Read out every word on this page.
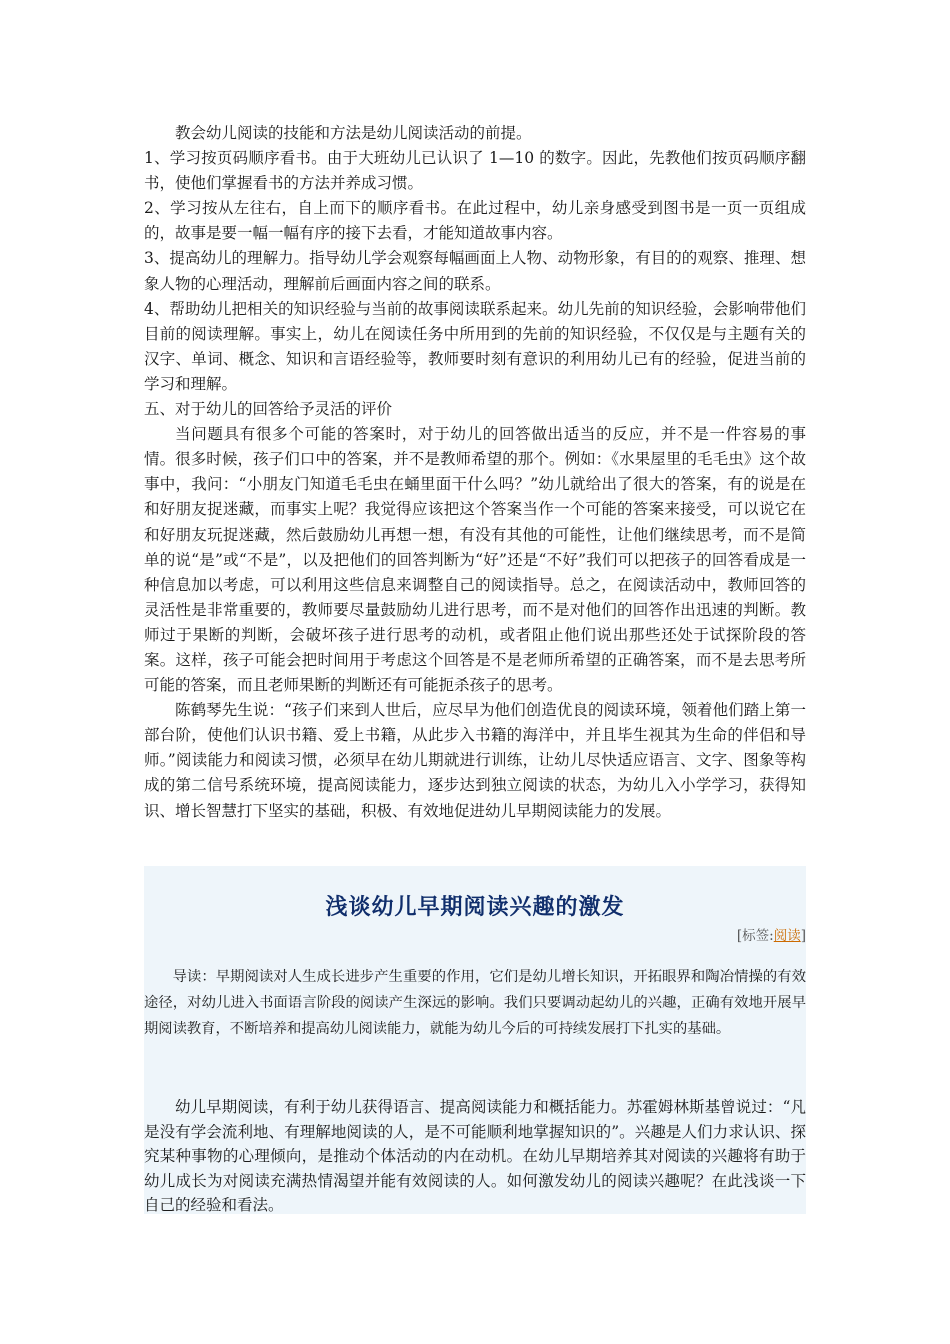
教会幼儿阅读的技能和方法是幼儿阅读活动的前提。

1、学习按页码顺序看书。由于大班幼儿已认识了 1—10 的数字。因此，先教他们按页码顺序翻书，使他们掌握看书的方法并养成习惯。

2、学习按从左往右，自上而下的顺序看书。在此过程中，幼儿亲身感受到图书是一页一页组成的，故事是要一幅一幅有序的接下去看，才能知道故事内容。

3、提高幼儿的理解力。指导幼儿学会观察每幅画面上人物、动物形象，有目的的观察、推理、想象人物的心理活动，理解前后画面内容之间的联系。

4、帮助幼儿把相关的知识经验与当前的故事阅读联系起来。幼儿先前的知识经验，会影响带他们目前的阅读理解。事实上，幼儿在阅读任务中所用到的先前的知识经验，不仅仅是与主题有关的汉字、单词、概念、知识和言语经验等，教师要时刻有意识的利用幼儿已有的经验，促进当前的学习和理解。

五、对于幼儿的回答给予灵活的评价

当问题具有很多个可能的答案时，对于幼儿的回答做出适当的反应，并不是一件容易的事情。很多时候，孩子们口中的答案，并不是教师希望的那个。例如：《水果屋里的毛毛虫》这个故事中，我问：“小朋友门知道毛毛虫在蛹里面干什么吗？”幼儿就给出了很大的答案，有的说是在和好朋友捉迷藏，而事实上呢？我觉得应该把这个答案当作一个可能的答案来接受，可以说它在和好朋友玩捉迷藏，然后鼓励幼儿再想一想，有没有其他的可能性，让他们继续思考，而不是简单的说“是”或“不是”，以及把他们的回答判断为“好”还是“不好”我们可以把孩子的回答看成是一种信息加以考虑，可以利用这些信息来调整自己的阅读指导。总之，在阅读活动中，教师回答的灵活性是非常重要的，教师要尽量鼓励幼儿进行思考，而不是对他们的回答作出迅速的判断。教师过于果断的判断，会破坏孩子进行思考的动机，或者阻止他们说出那些还处于试探阶段的答案。这样，孩子可能会把时间用于考虑这个回答是不是老师所希望的正确答案，而不是去思考所可能的答案，而且老师果断的判断还有可能扼杀孩子的思考。

陈鹤琴先生说：“孩子们来到人世后，应尽早为他们创造优良的阅读环境，领着他们踏上第一部台阶，使他们认识书籍、爱上书籍，从此步入书籍的海洋中，并且毕生视其为生命的伴侣和导师。”阅读能力和阅读习惯，必须早在幼儿期就进行训练，让幼儿尽快适应语言、文字、图象等构成的第二信号系统环境，提高阅读能力，逐步达到独立阅读的状态，为幼儿入小学学习，获得知识、增长智慧打下坚实的基础，积极、有效地促进幼儿早期阅读能力的发展。

浅谈幼儿早期阅读兴趣的激发
[标签:阅读]

导读：早期阅读对人生成长进步产生重要的作用，它们是幼儿增长知识，开拓眼界和陶冶情操的有效途径，对幼儿进入书面语言阶段的阅读产生深远的影响。我们只要调动起幼儿的兴趣，正确有效地开展早期阅读教育，不断培养和提高幼儿阅读能力，就能为幼儿今后的可持续发展打下扎实的基础。

幼儿早期阅读，有利于幼儿获得语言、提高阅读能力和概括能力。苏霍姆林斯基曾说过：“凡是没有学会流利地、有理解地阅读的人，是不可能顺利地掌握知识的”。兴趣是人们力求认识、探究某种事物的心理倾向，是推动个体活动的内在动机。在幼儿早期培养其对阅读的兴趣将有助于幼儿成长为对阅读充满热情渴望并能有效阅读的人。如何激发幼儿的阅读兴趣呢？在此浅谈一下自己的经验和看法。
